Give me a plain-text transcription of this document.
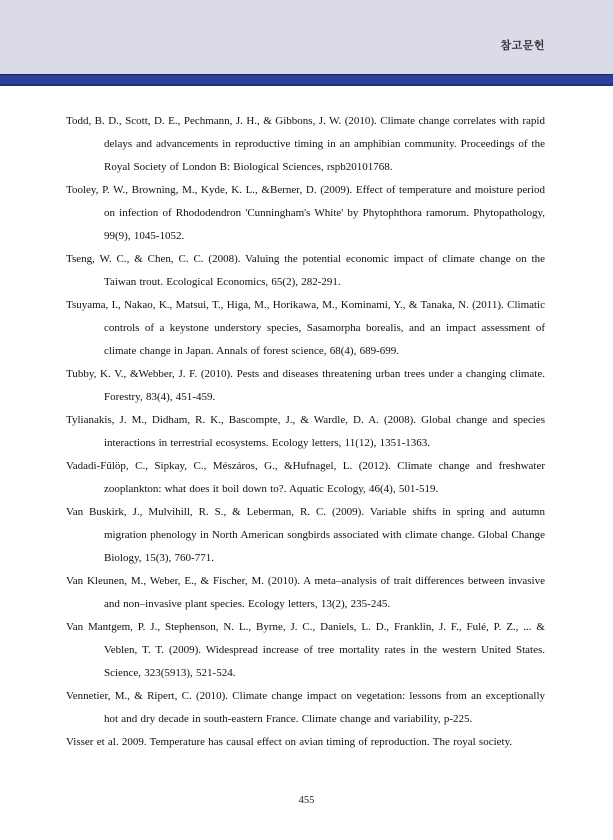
참고문헌

Todd, B. D., Scott, D. E., Pechmann, J. H., & Gibbons, J. W. (2010). Climate change correlates with rapid delays and advancements in reproductive timing in an amphibian community. Proceedings of the Royal Society of London B: Biological Sciences, rspb20101768.

Tooley, P. W., Browning, M., Kyde, K. L., &Berner, D. (2009). Effect of temperature and moisture period on infection of Rhododendron 'Cunningham's White' by Phytophthora ramorum. Phytopathology, 99(9), 1045-1052.

Tseng, W. C., & Chen, C. C. (2008). Valuing the potential economic impact of climate change on the Taiwan trout. Ecological Economics, 65(2), 282-291.

Tsuyama, I., Nakao, K., Matsui, T., Higa, M., Horikawa, M., Kominami, Y., & Tanaka, N. (2011). Climatic controls of a keystone understory species, Sasamorpha borealis, and an impact assessment of climate change in Japan. Annals of forest science, 68(4), 689-699.

Tubby, K. V., &Webber, J. F. (2010). Pests and diseases threatening urban trees under a changing climate. Forestry, 83(4), 451-459.

Tylianakis, J. M., Didham, R. K., Bascompte, J., & Wardle, D. A. (2008). Global change and species interactions in terrestrial ecosystems. Ecology letters, 11(12), 1351-1363.

Vadadi-Fülöp, C., Sipkay, C., Mészáros, G., &Hufnagel, L. (2012). Climate change and freshwater zooplankton: what does it boil down to?. Aquatic Ecology, 46(4), 501-519.

Van Buskirk, J., Mulvihill, R. S., & Leberman, R. C. (2009). Variable shifts in spring and autumn migration phenology in North American songbirds associated with climate change. Global Change Biology, 15(3), 760-771.

Van Kleunen, M., Weber, E., & Fischer, M. (2010). A meta–analysis of trait differences between invasive and non–invasive plant species. Ecology letters, 13(2), 235-245.

Van Mantgem, P. J., Stephenson, N. L., Byrne, J. C., Daniels, L. D., Franklin, J. F., Fulé, P. Z., ... & Veblen, T. T. (2009). Widespread increase of tree mortality rates in the western United States. Science, 323(5913), 521-524.

Vennetier, M., & Ripert, C. (2010). Climate change impact on vegetation: lessons from an exceptionally hot and dry decade in south-eastern France. Climate change and variability, p-225.

Visser et al. 2009. Temperature has causal effect on avian timing of reproduction. The royal society.

455
